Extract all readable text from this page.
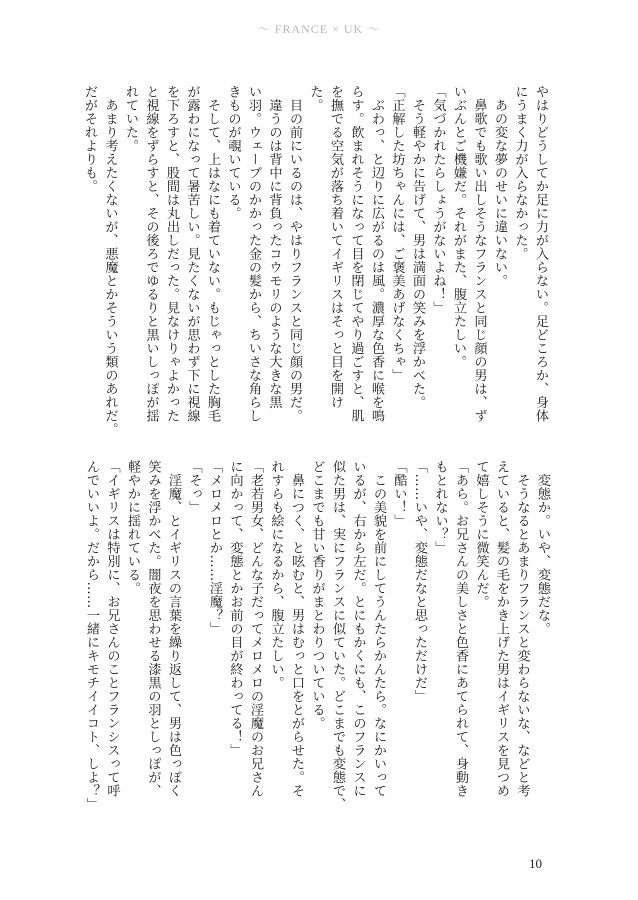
〜 FRANCE × UK 〜
やはりどうしてか足に力が入らない。足どころか、身体
にうまく力が入らなかった。
　あの変な夢のせいに違いない。
　鼻歌でも歌い出しそうなフランスと同じ顔の男は、ず
いぶんとご機嫌だ。それがまた、腹立たしい。
「気づかれたらしょうがないよね！」
　そう軽やかに告げて、男は満面の笑みを浮かべた。
「正解した坊ちゃんには、ご褒美あげなくちゃ」
　ぶわっ、と辺りに広がるのは風。濃厚な色香に喉を鳴
らす。飲まれそうになって目を閉じてやり過ごすと、肌
を撫でる空気が落ち着いてイギリスはそっと目を開け
た。
　目の前にいるのは、やはりフランスと同じ顔の男だ。
　違うのは背中に背負ったコウモリのような大きな黒
い羽。ウェーブのかかった金の髪から、ちいさな角らし
きものが覗いている。
　そして、上はなにも着ていない。もじゃっとした胸毛
が露わになって暑苦しい。見たくないが思わず下に視線
を下ろすと、股間は丸出しだった。見なけりゃよかった
と視線をずらすと、その後ろでゆるりと黒いしっぽが揺
れていた。
　あまり考えたくないが、悪魔とかそういう類のあれだ。
だがそれよりも。
　変態か。いや、変態だな。
　そうなるとあまりフランスと変わらないな、などと考
えていると、髪の毛をかき上げた男はイギリスを見つめ
て嬉しそうに微笑んだ。
「あら。お兄さんの美しさと色香にあてられて、身動き
もとれない？」
「……いや、変態だなと思っただけだ」
「酷い！」
　この美貌を前にしてうんたらかんたら。なにかいって
いるが、右から左だ。とにもかくにも、このフランスに
似た男は、実にフランスに似ていた。どこまでも変態で、
どこまでも甘い香りがまとわりついている。
　鼻につく、と呟むと、男はむっと口をとがらせた。そ
れすらも絵になるから、腹立たしい。
「老若男女、どんな子だってメロメロの淫魔のお兄さん
に向かって、変態とかお前の目が終わってる！」
「メロメロとか……淫魔？」
「そっ」
　淫魔、とイギリスの言葉を繰り返して、男は色っぽく
笑みを浮かべた。闇夜を思わせる漆黒の羽としっぽが、
軽やかに揺れている。
「イギリスは特別に、お兄さんのことフランシスって呼
んでいいよ。だから……一緒にキモチイイコト、しよ？」
10
